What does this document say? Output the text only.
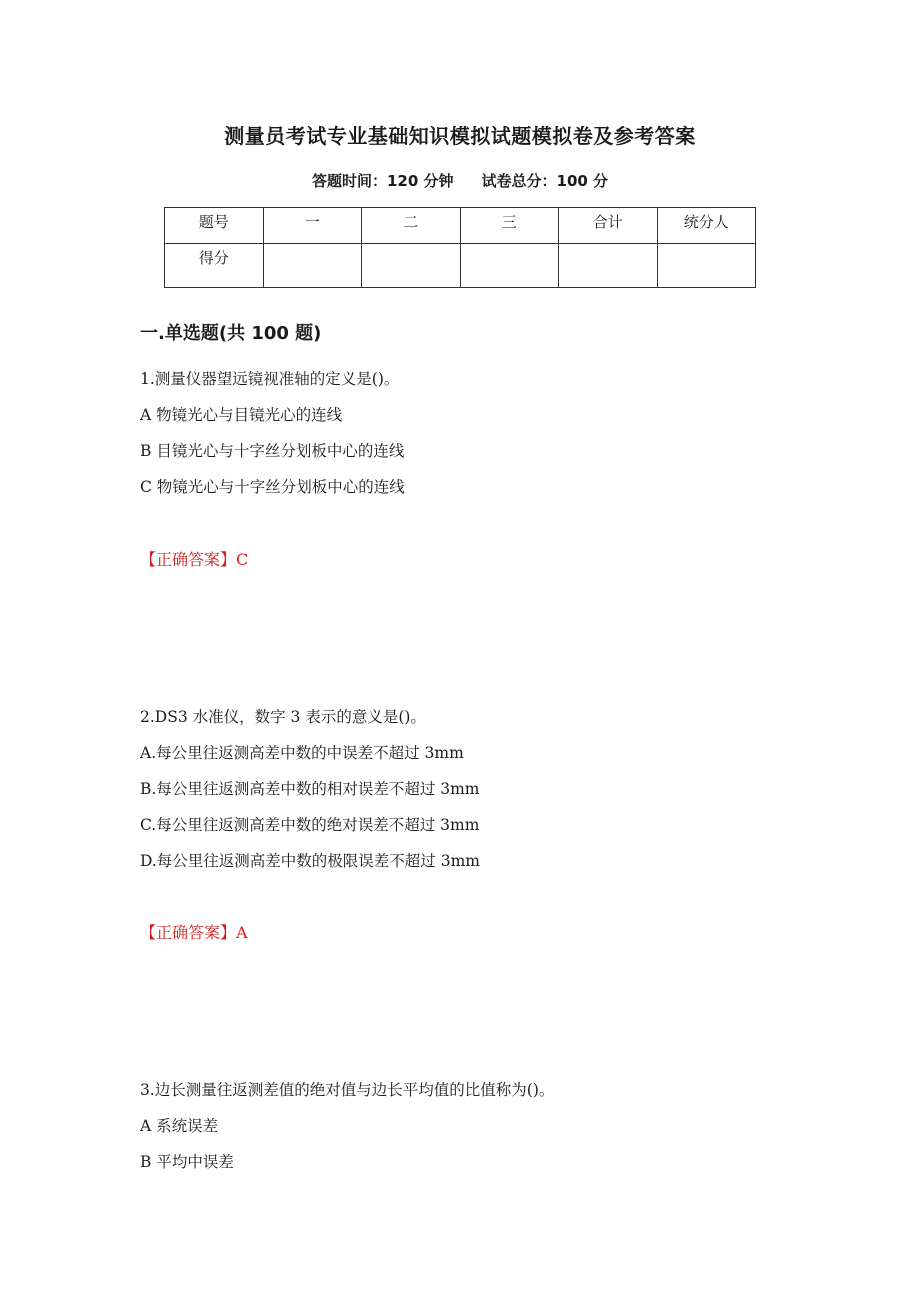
测量员考试专业基础知识模拟试题模拟卷及参考答案
答题时间：120 分钟 试卷总分：100 分
题号	一	二	三	合计	统分人
得分					
一.单选题(共 100 题)
1.测量仪器望远镜视准轴的定义是()。
A 物镜光心与目镜光心的连线
B 目镜光心与十字丝分划板中心的连线
C 物镜光心与十字丝分划板中心的连线
【正确答案】C
2.DS3 水准仪，数字 3 表示的意义是()。
A.每公里往返测高差中数的中误差不超过 3mm
B.每公里往返测高差中数的相对误差不超过 3mm
C.每公里往返测高差中数的绝对误差不超过 3mm
D.每公里往返测高差中数的极限误差不超过 3mm
【正确答案】A
3.边长测量往返测差值的绝对值与边长平均值的比值称为()。
A 系统误差
B 平均中误差
